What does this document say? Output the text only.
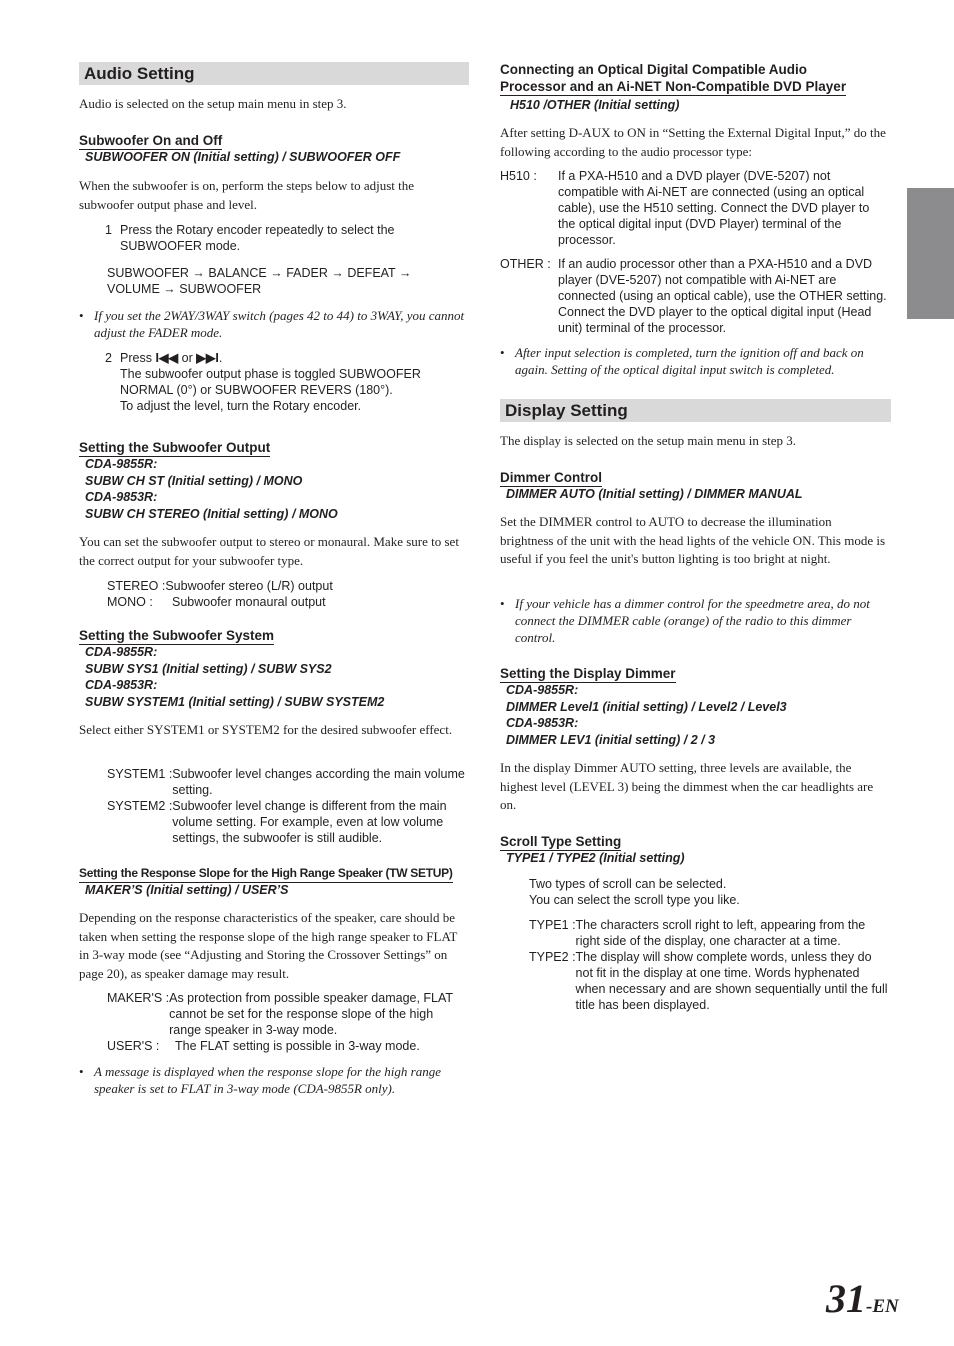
Audio Setting
Audio is selected on the setup main menu in step 3.
Subwoofer On and Off
SUBWOOFER ON (Initial setting) / SUBWOOFER OFF
When the subwoofer is on, perform the steps below to adjust the subwoofer output phase and level.
1 Press the Rotary encoder repeatedly to select the SUBWOOFER mode.
SUBWOOFER → BALANCE → FADER → DEFEAT → VOLUME → SUBWOOFER
• If you set the 2WAY/3WAY switch (pages 42 to 44) to 3WAY, you cannot adjust the FADER mode.
2 Press I◀◀ or ▶▶I.
The subwoofer output phase is toggled SUBWOOFER NORMAL (0°) or SUBWOOFER REVERS (180°).
To adjust the level, turn the Rotary encoder.
Setting the Subwoofer Output
CDA-9855R:
SUBW CH ST (Initial setting) / MONO
CDA-9853R:
SUBW CH STEREO (Initial setting) / MONO
You can set the subwoofer output to stereo or monaural. Make sure to set the correct output for your subwoofer type.
STEREO : Subwoofer stereo (L/R) output
MONO :	Subwoofer monaural output
Setting the Subwoofer System
CDA-9855R:
SUBW SYS1 (Initial setting) / SUBW SYS2
CDA-9853R:
SUBW SYSTEM1 (Initial setting) / SUBW SYSTEM2
Select either SYSTEM1 or SYSTEM2 for the desired subwoofer effect.
SYSTEM1 : Subwoofer level changes according the main volume setting.
SYSTEM2 : Subwoofer level change is different from the main volume setting. For example, even at low volume settings, the subwoofer is still audible.
Setting the Response Slope for the High Range Speaker (TW SETUP)
MAKER’S (Initial setting) / USER’S
Depending on the response characteristics of the speaker, care should be taken when setting the response slope of the high range speaker to FLAT in 3-way mode (see “Adjusting and Storing the Crossover Settings” on page 20), as speaker damage may result.
MAKER'S : As protection from possible speaker damage, FLAT cannot be set for the response slope of the high range speaker in 3-way mode.
USER'S :	The FLAT setting is possible in 3-way mode.
• A message is displayed when the response slope for the high range speaker is set to FLAT in 3-way mode (CDA-9855R only).
Connecting an Optical Digital Compatible Audio
Processor and an Ai-NET Non-Compatible DVD Player
H510 /OTHER (Initial setting)
After setting D-AUX to ON in “Setting the External Digital Input,” do the following according to the audio processor type:
H510 :	If a PXA-H510 and a DVD player (DVE-5207) not compatible with Ai-NET are connected (using an optical cable), use the H510 setting. Connect the DVD player to the optical digital input (DVD Player) terminal of the processor.
OTHER : If an audio processor other than a PXA-H510 and a DVD player (DVE-5207) not compatible with Ai-NET are connected (using an optical cable), use the OTHER setting. Connect the DVD player to the optical digital input (Head unit) terminal of the processor.
• After input selection is completed, turn the ignition off and back on again. Setting of the optical digital input switch is completed.
Display Setting
The display is selected on the setup main menu in step 3.
Dimmer Control
DIMMER AUTO (Initial setting) / DIMMER MANUAL
Set the DIMMER control to AUTO to decrease the illumination brightness of the unit with the head lights of the vehicle ON. This mode is useful if you feel the unit's button lighting is too bright at night.
• If your vehicle has a dimmer control for the speedmetre area, do not connect the DIMMER cable (orange) of the radio to this dimmer control.
Setting the Display Dimmer
CDA-9855R:
DIMMER Level1 (initial setting) / Level2 / Level3
CDA-9853R:
DIMMER LEV1 (initial setting) / 2 / 3
In the display Dimmer AUTO setting, three levels are available, the highest level (LEVEL 3) being the dimmest when the car headlights are on.
Scroll Type Setting
TYPE1 / TYPE2 (Initial setting)
Two types of scroll can be selected.
You can select the scroll type you like.
TYPE1 : The characters scroll right to left, appearing from the right side of the display, one character at a time.
TYPE2 : The display will show complete words, unless they do not fit in the display at one time. Words hyphenated when necessary and are shown sequentially until the full title has been displayed.
31-EN
